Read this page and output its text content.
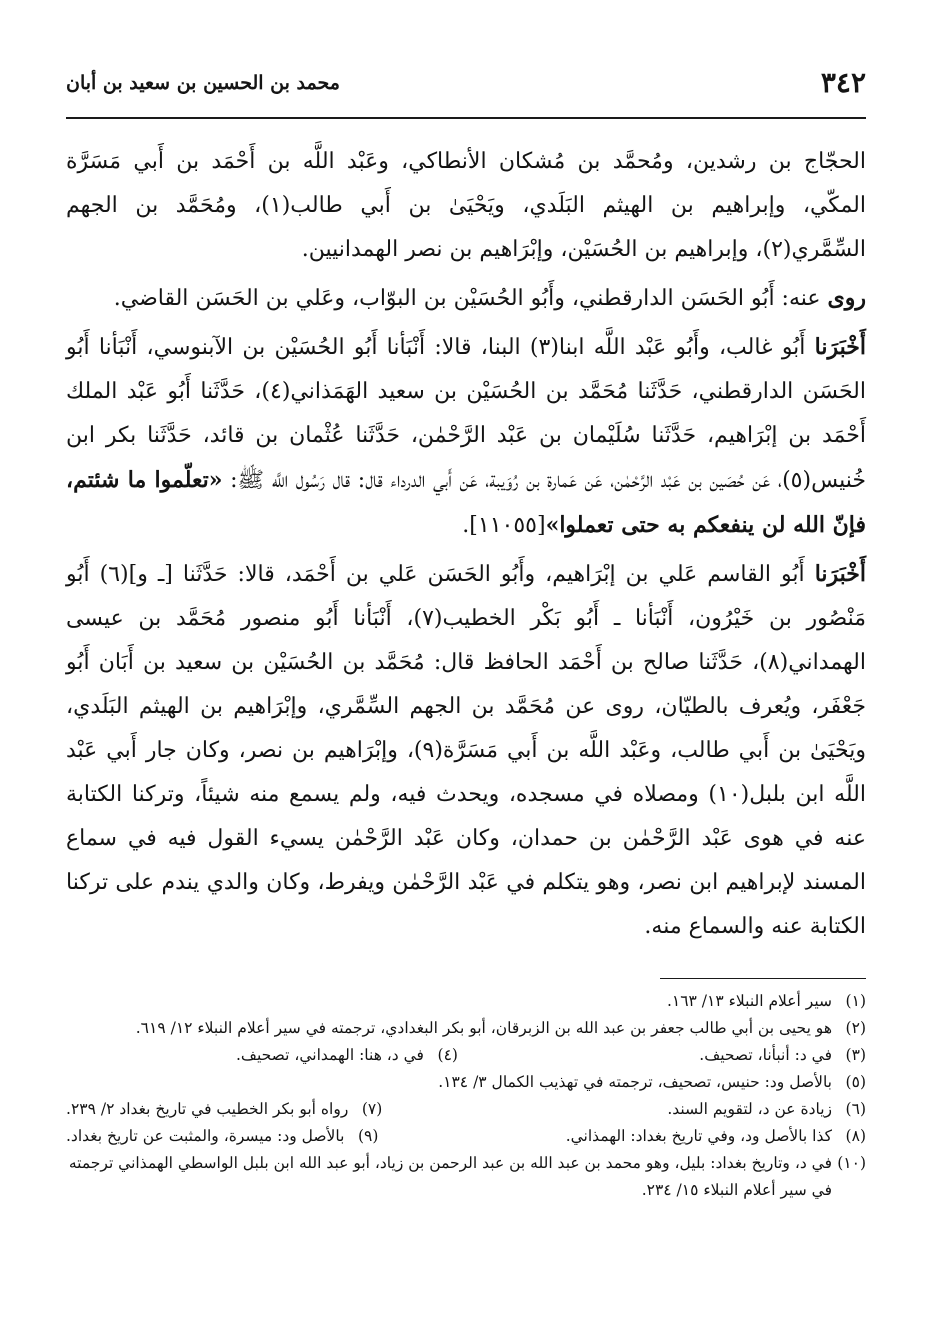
٣٤٢
محمد بن الحسين بن سعيد بن أبان

الحجّاج بن رشدين، ومُحمَّد بن مُشكان الأنطاكي، وعَبْد اللَّه بن أَحْمَد بن أَبي مَسَرَّة المكّي، وإبراهيم بن الهيثم البَلَدي، ويَحْيَىٰ بن أَبي طالب(١)، ومُحَمَّد بن الجهم السِّمَّري(٢)، وإبراهيم بن الحُسَيْن، وإبْرَاهيم بن نصر الهمدانيين.

روى عنه: أَبُو الحَسَن الدارقطني، وأَبُو الحُسَيْن بن البوّاب، وعَلي بن الحَسَن القاضي.

أَخْبَرَنا أَبُو غالب، وأَبُو عَبْد اللَّه ابنا(٣) البنا، قالا: أَنْبَأنا أَبُو الحُسَيْن بن الآبنوسي، أَنْبَأنا أَبُو الحَسَن الدارقطني، حَدَّثَنا مُحَمَّد بن الحُسَيْن بن سعيد الهَمَذاني(٤)، حَدَّثَنا أَبُو عَبْد الملك أَحْمَد بن إبْرَاهيم، حَدَّثَنا سُلَيْمان بن عَبْد الرَّحْمٰن، حَدَّثَنا عُثْمان بن قائد، حَدَّثَنا بكر ابن خُنيس(٥)، عَن حُصَين بن عَبْد الرَّحْمٰن، عَن عَمارة بن رُوَيبة، عَن أَبي الدرداء قال: قال رَسُول اللَّه ﷺ: «تعلّموا ما شئتم، فإنّ الله لن ينفعكم به حتى تعملوا»[١١٠٥٥].

أَخْبَرَنا أَبُو القاسم عَلي بن إبْرَاهيم، وأَبُو الحَسَن عَلي بن أَحْمَد، قالا: حَدَّثَنا [ـ و](٦) أَبُو مَنْصُور بن خَيْرُون، أَنْبَأنا ـ أَبُو بَكْر الخطيب(٧)، أَنْبَأنا أَبُو منصور مُحَمَّد بن عيسى الهمداني(٨)، حَدَّثَنا صالح بن أَحْمَد الحافظ قال: مُحَمَّد بن الحُسَيْن بن سعيد بن أَبَان أَبُو جَعْفَر، ويُعرف بالطيّان، روى عن مُحَمَّد بن الجهم السِّمَّري، وإبْرَاهيم بن الهيثم البَلَدي، ويَحْيَىٰ بن أَبي طالب، وعَبْد اللَّه بن أَبي مَسَرَّة(٩)، وإبْرَاهيم بن نصر، وكان جار أَبي عَبْد اللَّه ابن بلبل(١٠) ومصلاه في مسجده، ويحدث فيه، ولم يسمع منه شيئاً، وتركنا الكتابة عنه في هوى عَبْد الرَّحْمٰن بن حمدان، وكان عَبْد الرَّحْمٰن يسيء القول فيه في سماع المسند لإبراهيم ابن نصر، وهو يتكلم في عَبْد الرَّحْمٰن ويفرط، وكان والدي يندم على تركنا الكتابة عنه والسماع منه.

(١)
سير أعلام النبلاء ١٣/ ١٦٣.

(٢)
هو يحيى بن أبي طالب جعفر بن عبد الله بن الزبرقان، أبو بكر البغدادي، ترجمته في سير أعلام النبلاء ١٢/ ٦١٩.

(٣)
في د: أنبأنا، تصحيف.
(٤)
في د، هنا: الهمداني، تصحيف.

(٥)
بالأصل ود: حنيس، تصحيف، ترجمته في تهذيب الكمال ٣/ ١٣٤.

(٦)
زيادة عن د، لتقويم السند.
(٧)
رواه أبو بكر الخطيب في تاريخ بغداد ٢/ ٢٣٩.
(٨)
كذا بالأصل ود، وفي تاريخ بغداد: الهمذاني.
(٩)
بالأصل ود: ميسرة، والمثبت عن تاريخ بغداد.

(١٠)
في د، وتاريخ بغداد: بليل، وهو محمد بن عبد الله بن عبد الرحمن بن زياد، أبو عبد الله ابن بلبل الواسطي الهمذاني ترجمته في سير أعلام النبلاء ١٥/ ٢٣٤.
